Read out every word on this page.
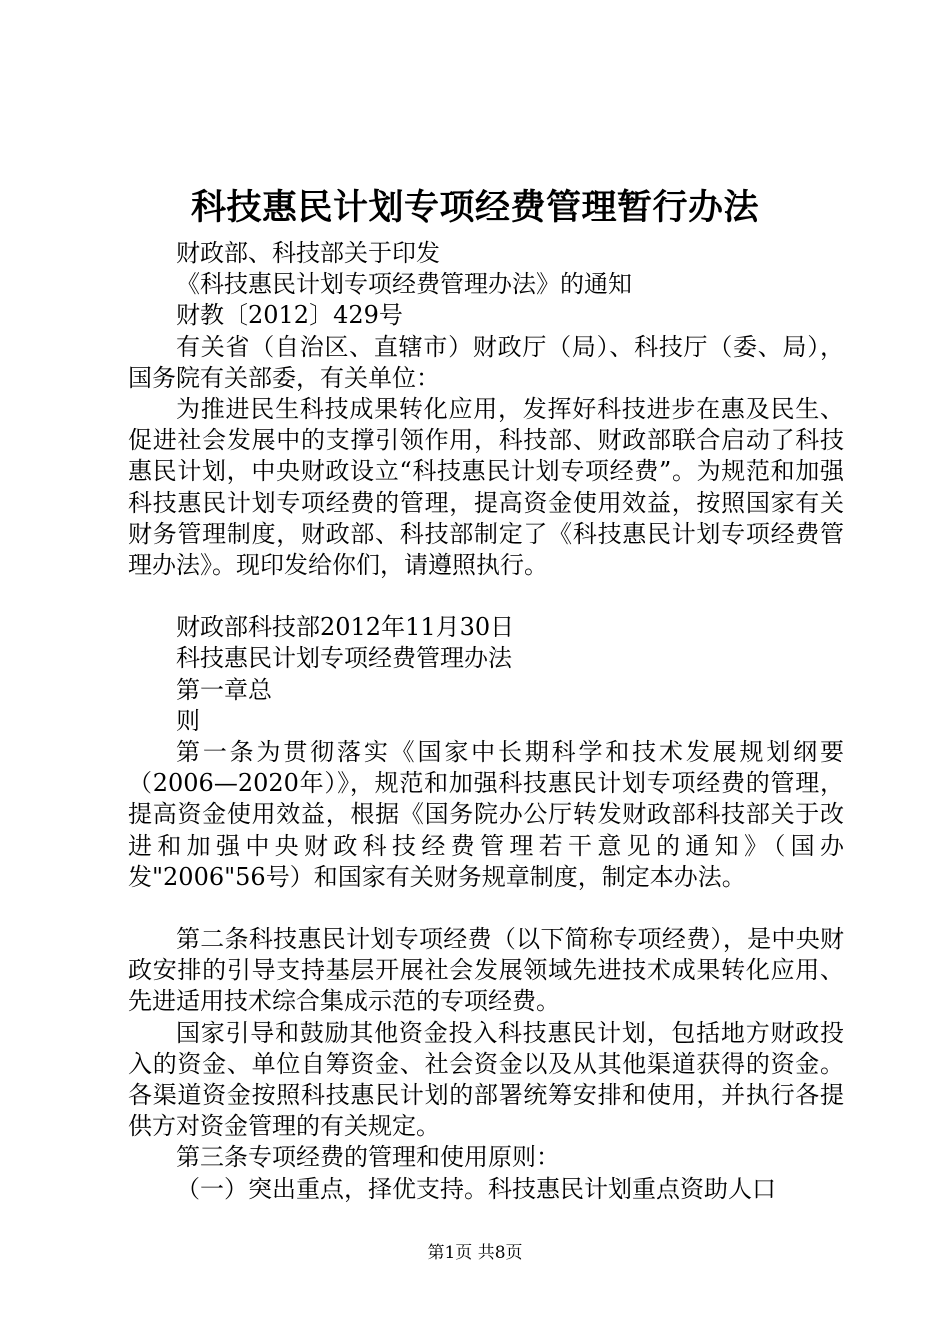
科技惠民计划专项经费管理暂行办法

财政部、科技部关于印发

《科技惠民计划专项经费管理办法》的通知

财教〔2012〕429号

有关省（自治区、直辖市）财政厅（局）、科技厅（委、局），国务院有关部委，有关单位：

为推进民生科技成果转化应用，发挥好科技进步在惠及民生、促进社会发展中的支撑引领作用，科技部、财政部联合启动了科技惠民计划，中央财政设立“科技惠民计划专项经费”。为规范和加强科技惠民计划专项经费的管理，提高资金使用效益，按照国家有关财务管理制度，财政部、科技部制定了《科技惠民计划专项经费管理办法》。现印发给你们，请遵照执行。

财政部科技部2012年11月30日

科技惠民计划专项经费管理办法

第一章总

则

第一条为贯彻落实《国家中长期科学和技术发展规划纲要（2006—2020年）》，规范和加强科技惠民计划专项经费的管理，提高资金使用效益，根据《国务院办公厅转发财政部科技部关于改进和加强中央财政科技经费管理若干意见的通知》（国办发"2006"56号）和国家有关财务规章制度，制定本办法。

第二条科技惠民计划专项经费（以下简称专项经费），是中央财政安排的引导支持基层开展社会发展领域先进技术成果转化应用、先进适用技术综合集成示范的专项经费。

国家引导和鼓励其他资金投入科技惠民计划，包括地方财政投入的资金、单位自筹资金、社会资金以及从其他渠道获得的资金。各渠道资金按照科技惠民计划的部署统筹安排和使用，并执行各提供方对资金管理的有关规定。

第三条专项经费的管理和使用原则：

（一）突出重点，择优支持。科技惠民计划重点资助人口

第1页 共8页
